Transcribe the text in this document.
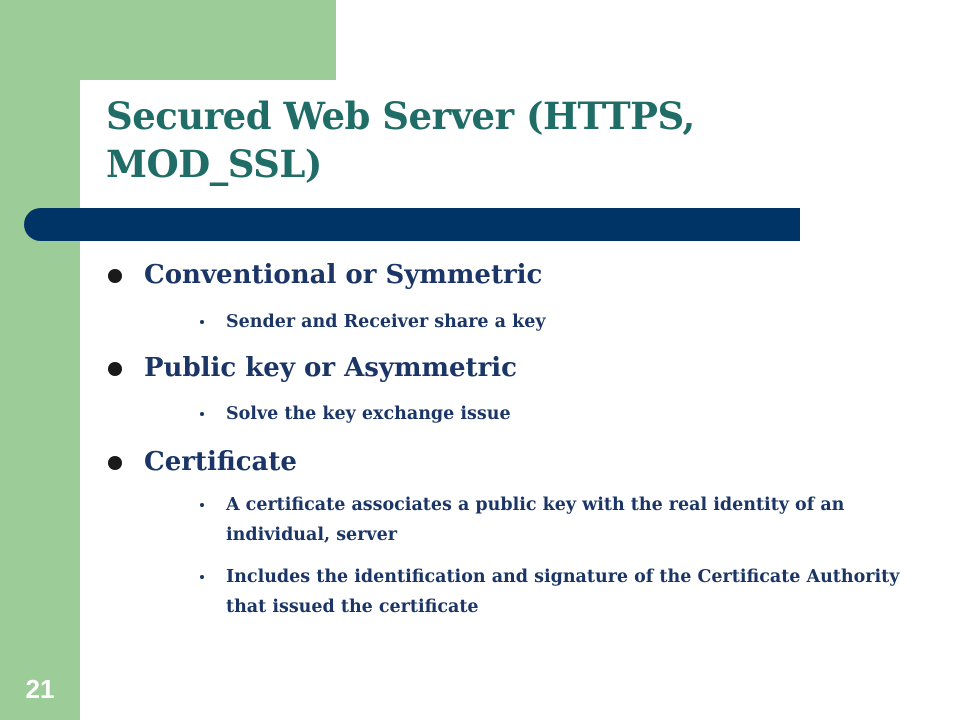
Secured Web Server (HTTPS, MOD_SSL)
Conventional or Symmetric
Sender and Receiver share a key
Public key or Asymmetric
Solve the key exchange issue
Certificate
A certificate associates a public key with the real identity of an individual, server
Includes the identification and signature of the Certificate Authority that issued the certificate
21
